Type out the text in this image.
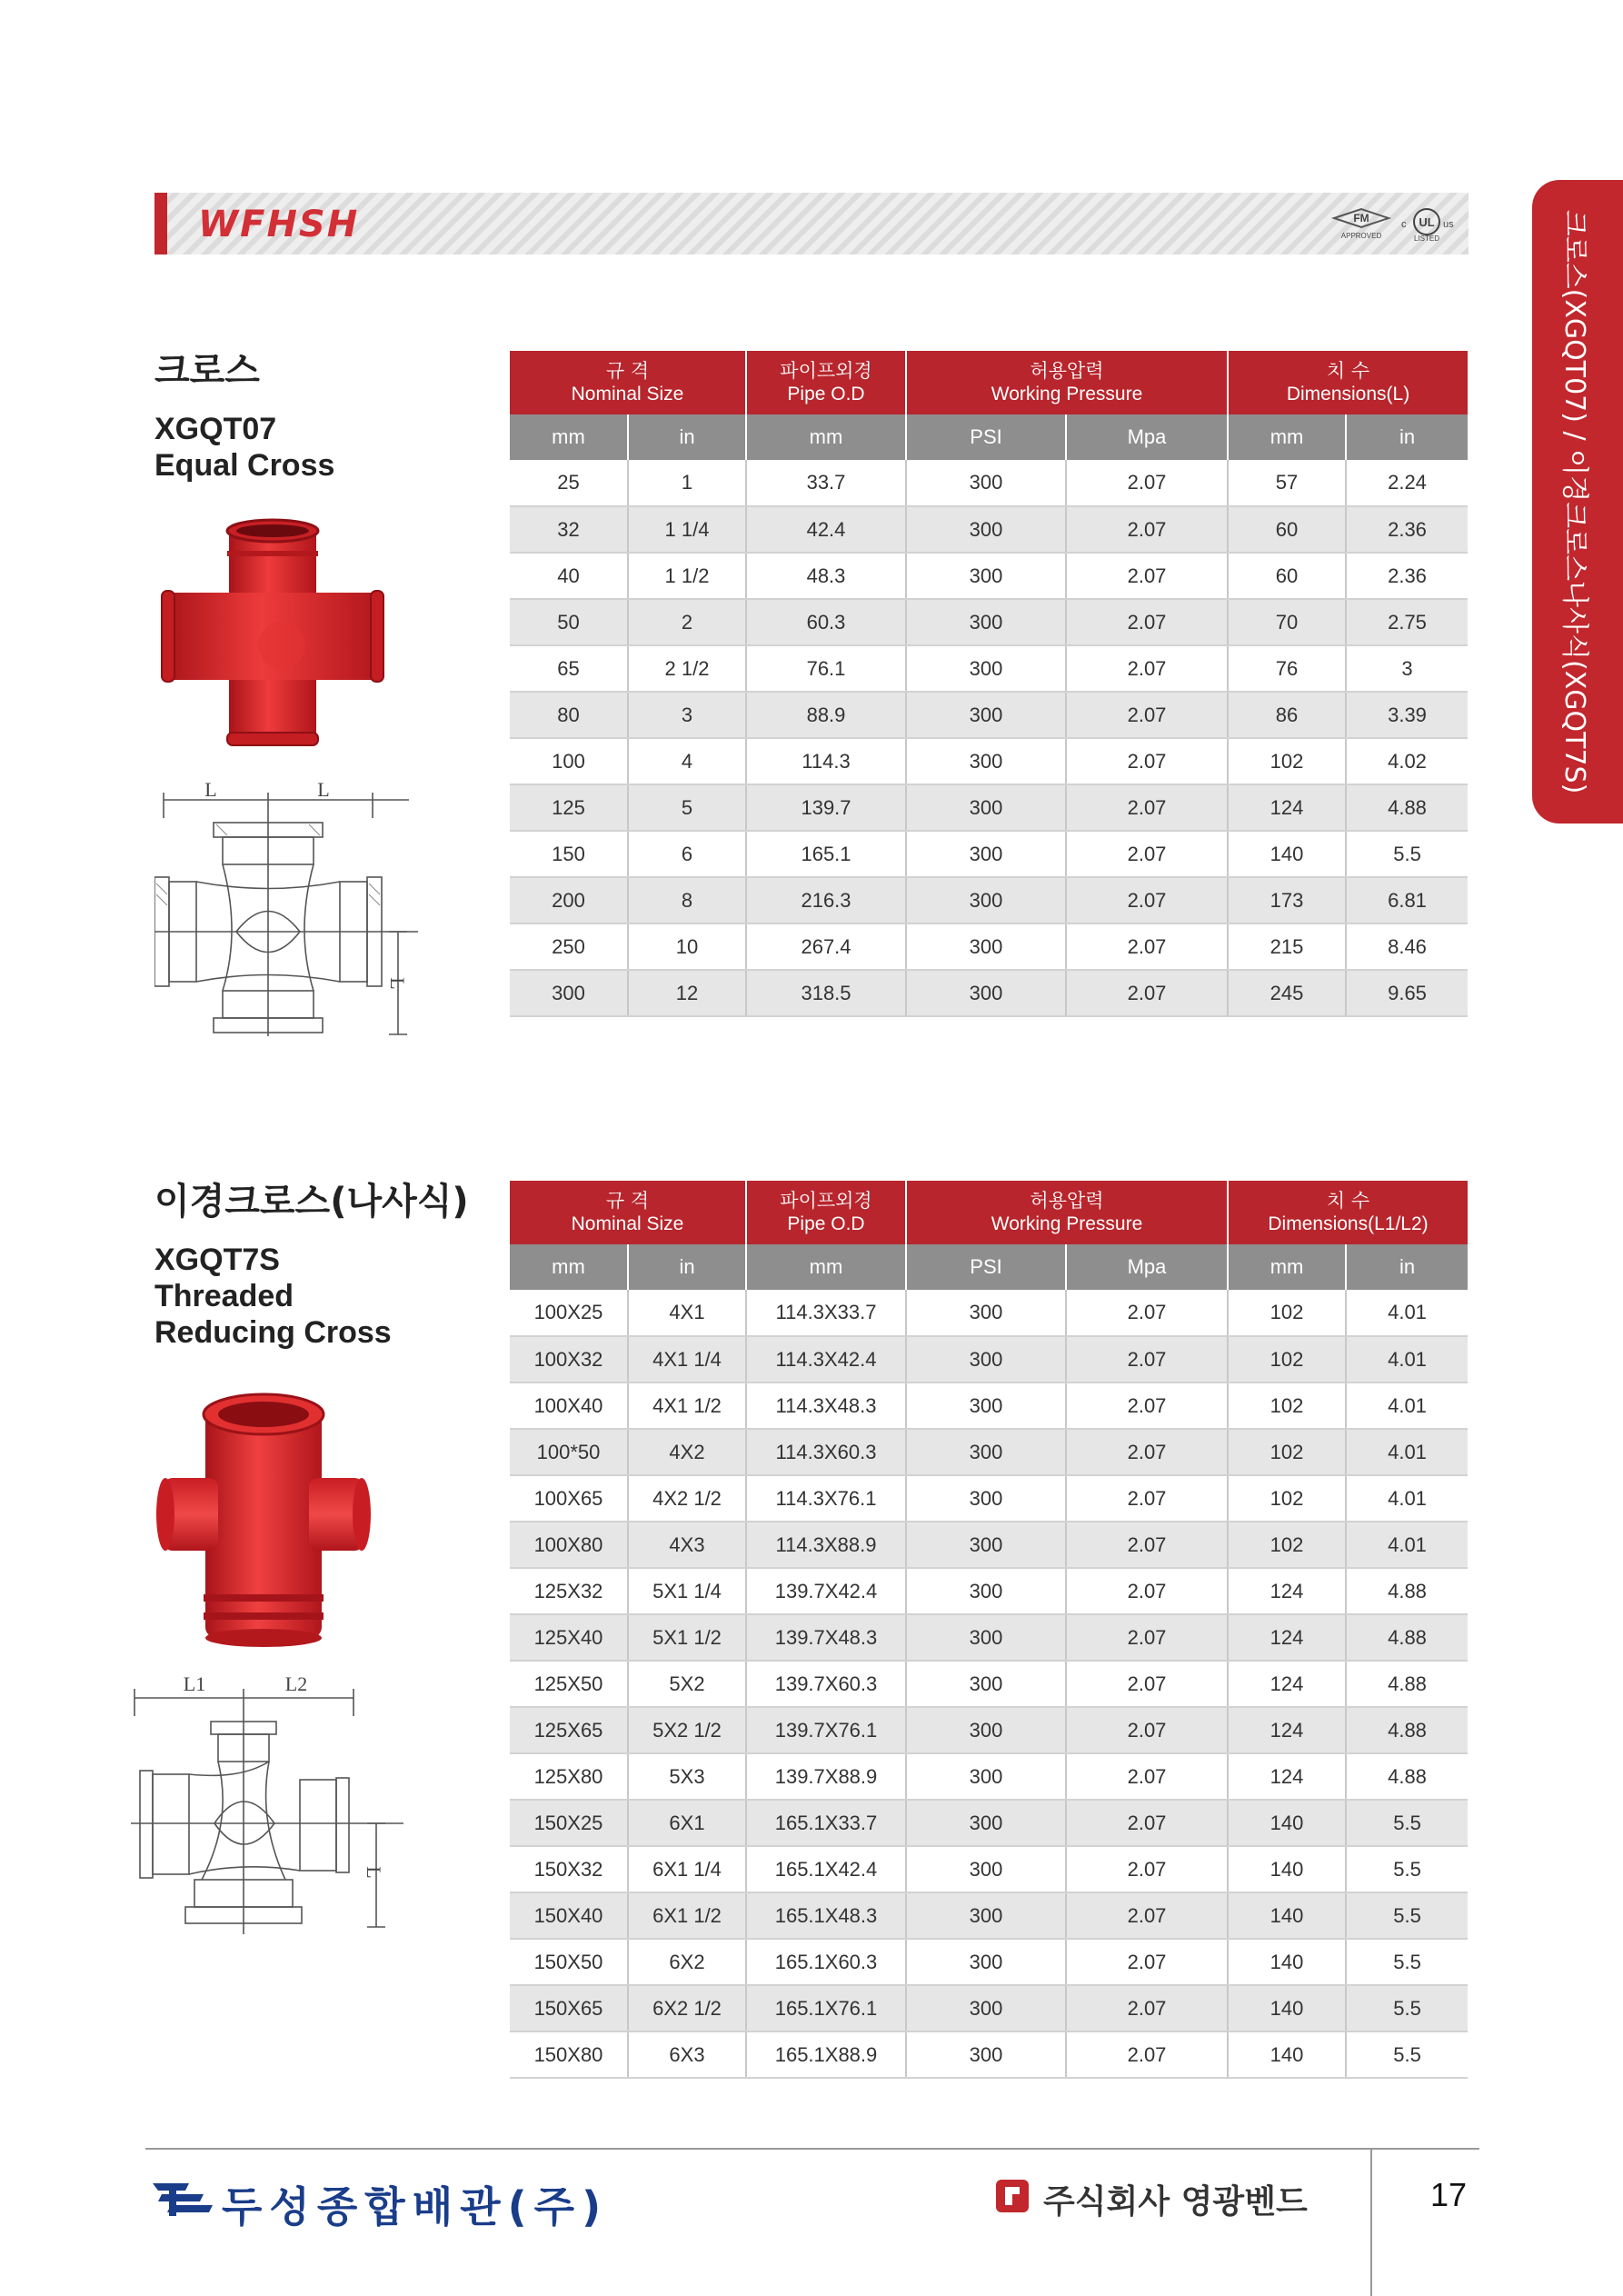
WFHSH	FM
APPROVED
c UL us
LISTED	크로스(XGQT07) / 이경크로스나사식(XGQT7S)
크로스
XGQT07
Equal Cross
L	L
L
규 격
Nominal Size		파이프외경
Pipe O.D	허용압력
Working Pressure		치 수
Dimensions(L)	
mm	in	mm	PSI	Mpa	mm	in
25	1	33.7	300	2.07	57	2.24
32	1 1/4	42.4	300	2.07	60	2.36
40	1 1/2	48.3	300	2.07	60	2.36
50	2	60.3	300	2.07	70	2.75
65	2 1/2	76.1	300	2.07	76	3
80	3	88.9	300	2.07	86	3.39
100	4	114.3	300	2.07	102	4.02
125	5	139.7	300	2.07	124	4.88
150	6	165.1	300	2.07	140	5.5
200	8	216.3	300	2.07	173	6.81
250	10	267.4	300	2.07	215	8.46
300	12	318.5	300	2.07	245	9.65
이경크로스(나사식)
XGQT7S
Threaded
Reducing Cross
L1	L2
L
규 격
Nominal Size		파이프외경
Pipe O.D	허용압력
Working Pressure		치 수
Dimensions(L1/L2)	
mm	in	mm	PSI	Mpa	mm	in
100X25	4X1	114.3X33.7	300	2.07	102	4.01
100X32	4X1 1/4	114.3X42.4	300	2.07	102	4.01
100X40	4X1 1/2	114.3X48.3	300	2.07	102	4.01
100*50	4X2	114.3X60.3	300	2.07	102	4.01
100X65	4X2 1/2	114.3X76.1	300	2.07	102	4.01
100X80	4X3	114.3X88.9	300	2.07	102	4.01
125X32	5X1 1/4	139.7X42.4	300	2.07	124	4.88
125X40	5X1 1/2	139.7X48.3	300	2.07	124	4.88
125X50	5X2	139.7X60.3	300	2.07	124	4.88
125X65	5X2 1/2	139.7X76.1	300	2.07	124	4.88
125X80	5X3	139.7X88.9	300	2.07	124	4.88
150X25	6X1	165.1X33.7	300	2.07	140	5.5
150X32	6X1 1/4	165.1X42.4	300	2.07	140	5.5
150X40	6X1 1/2	165.1X48.3	300	2.07	140	5.5
150X50	6X2	165.1X60.3	300	2.07	140	5.5
150X65	6X2 1/2	165.1X76.1	300	2.07	140	5.5
150X80	6X3	165.1X88.9	300	2.07	140	5.5
두성종합배관(주)	주식회사 영광벤드	17
